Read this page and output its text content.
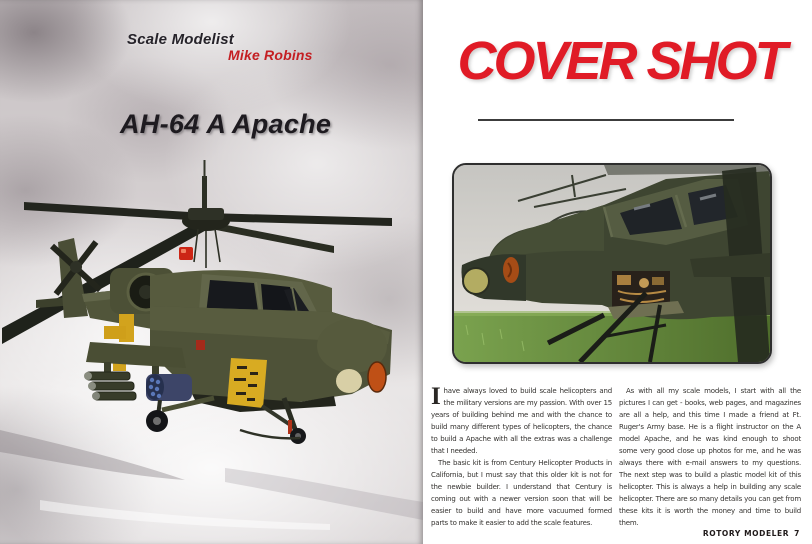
Scale Modelist
Mike Robins
AH-64 A Apache
COVER SHOT

Ihave always loved to build scale helicopters and the military versions are my passion. With over 15 years of building behind me and with the chance to build many different types of helicopters, the chance to build a Apache with all the extras was a challenge that I needed.

The basic kit is from Century Helicopter Products in California, but I must say that this older kit is not for the newbie builder. I understand that Century is coming out with a newer version soon that will be easier to build and have more vacuumed formed parts to make it easier to add the scale features.

As with all my scale models, I start with all the pictures I can get - books, web pages, and magazines are all a help, and this time I made a friend at Ft. Ruger's Army base. He is a flight instructor on the A model Apache, and he was kind enough to shoot some very good close up photos for me, and he was always there with e-mail answers to my questions. The next step was to build a plastic model kit of this helicopter. This is always a help in building any scale helicopter. There are so many details you can get from these kits it is worth the money and time to build them.

ROTORY MODELER 7
